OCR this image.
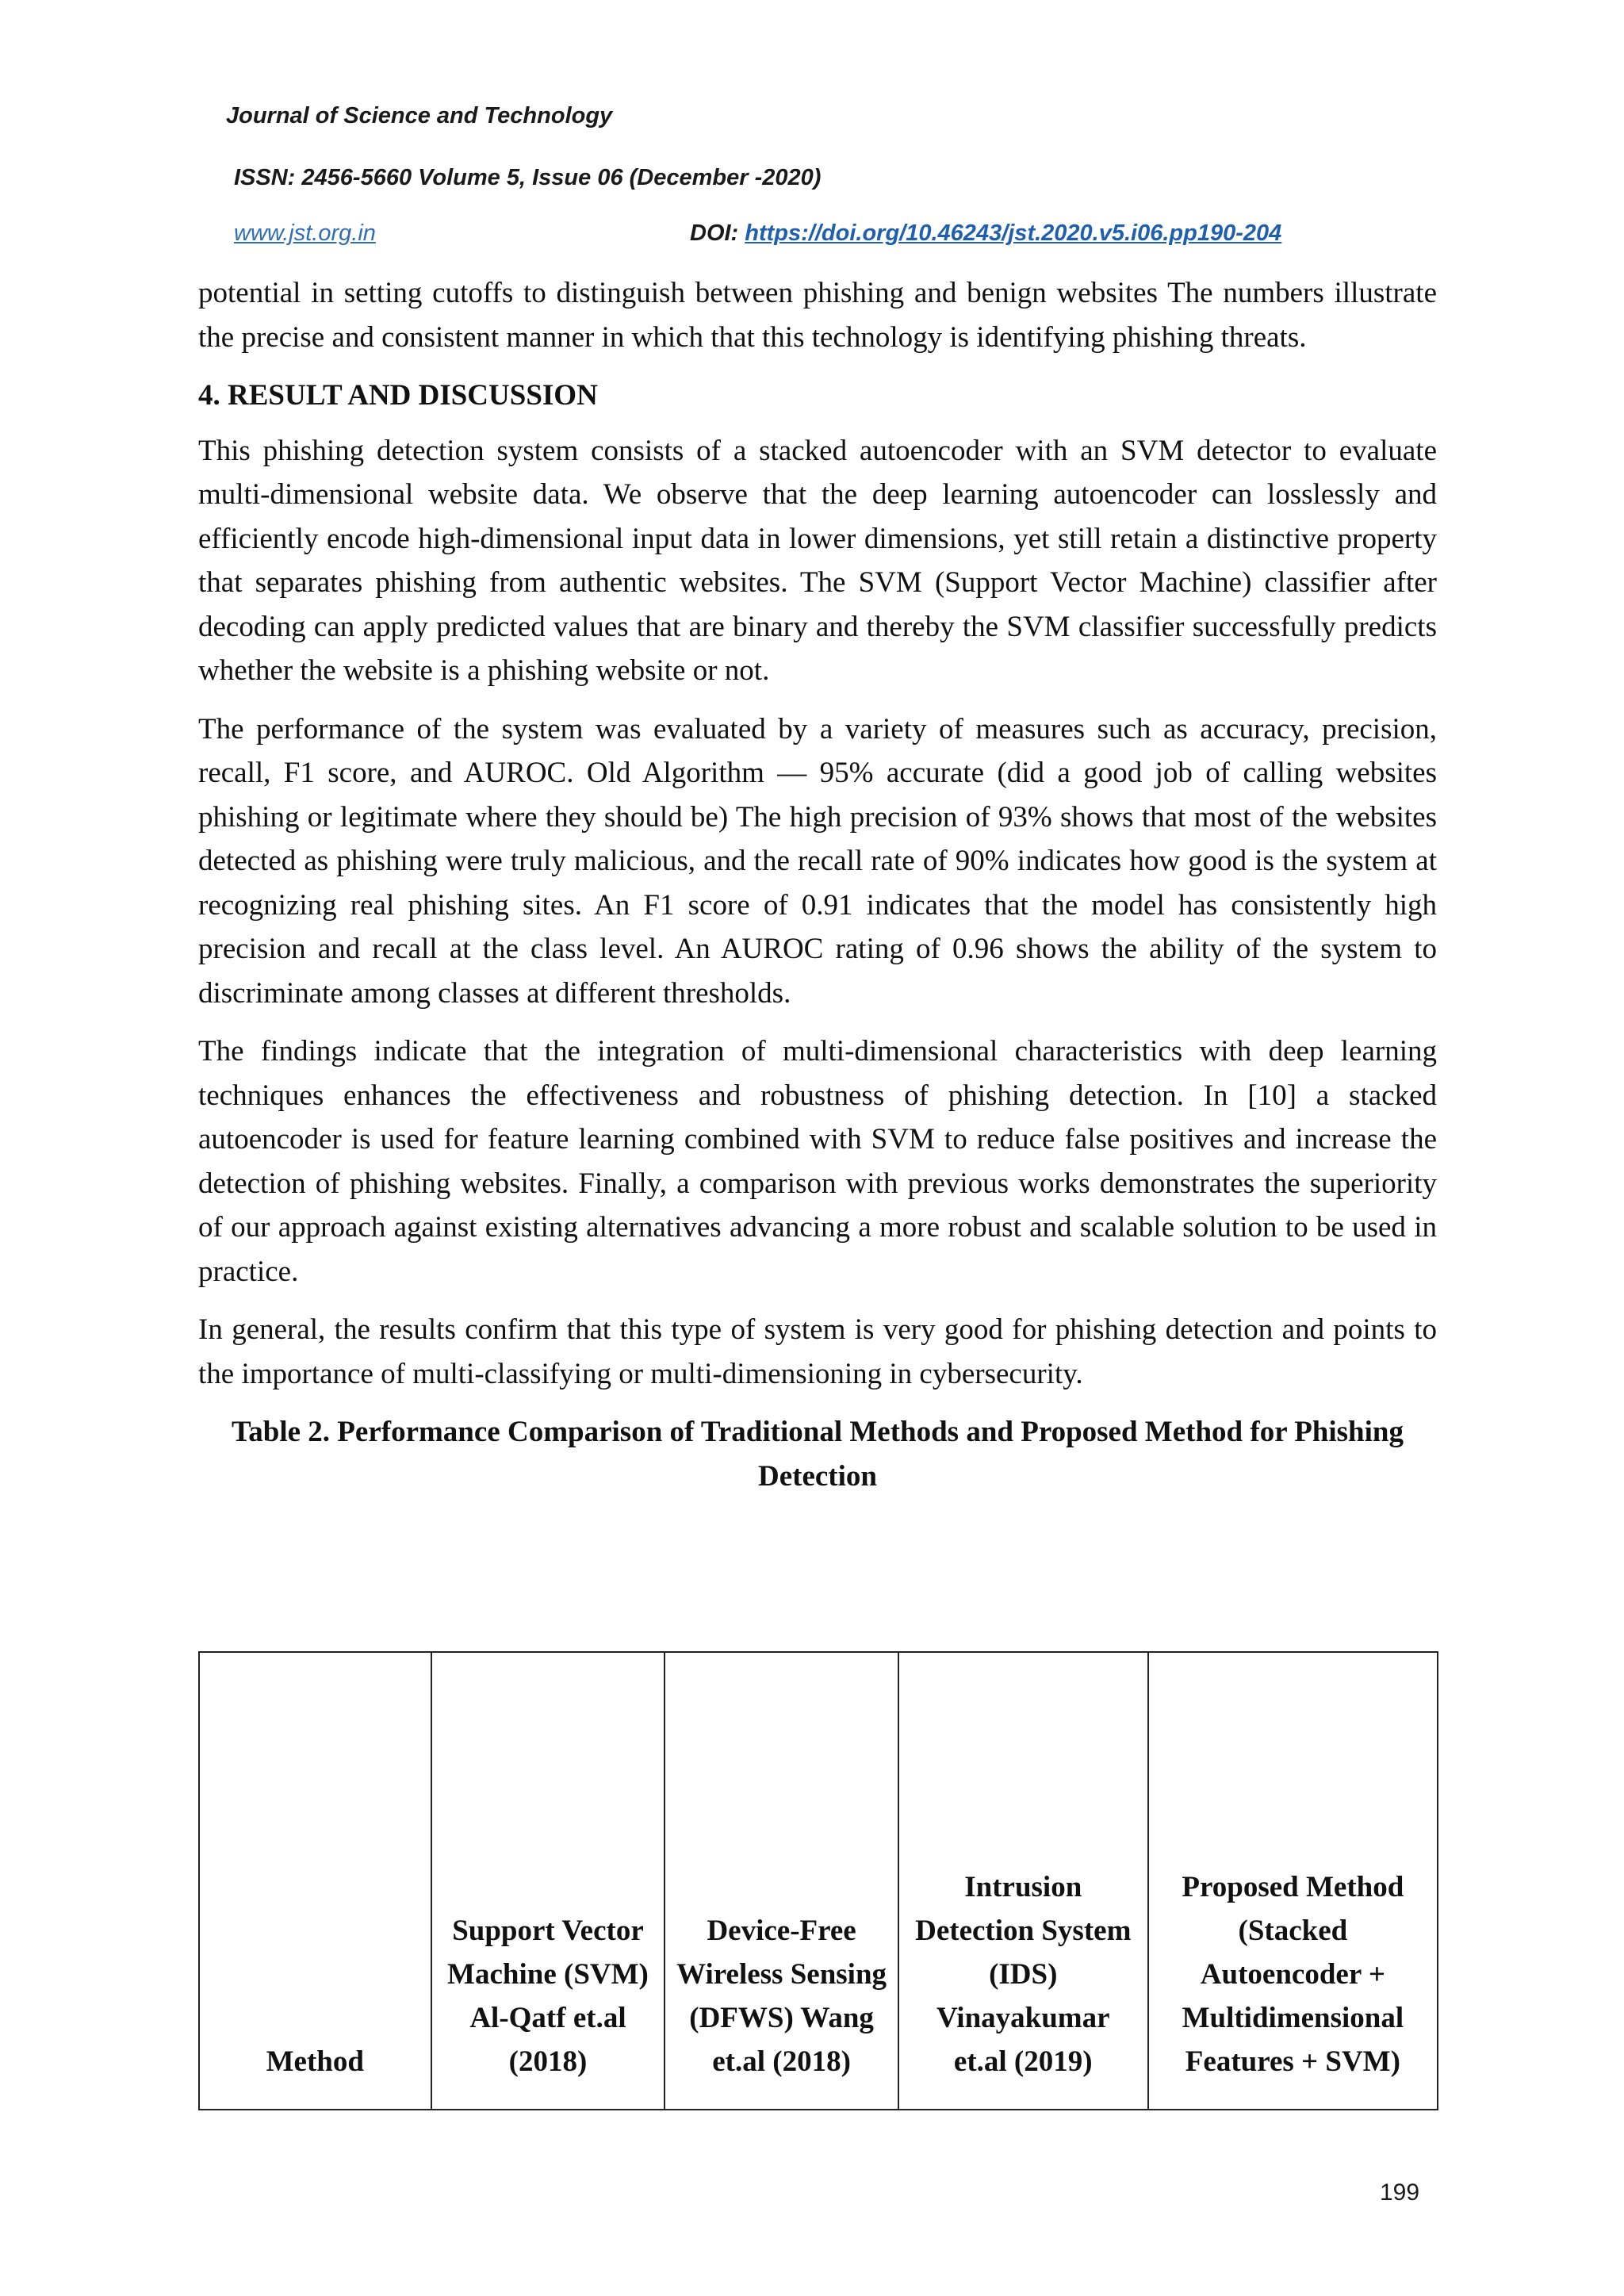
Journal of Science and Technology
ISSN: 2456-5660 Volume 5, Issue 06 (December -2020)
www.jst.org.in	DOI: https://doi.org/10.46243/jst.2020.v5.i06.pp190-204

potential in setting cutoffs to distinguish between phishing and benign websites The numbers illustrate the precise and consistent manner in which that this technology is identifying phishing threats.

4. RESULT AND DISCUSSION

This phishing detection system consists of a stacked autoencoder with an SVM detector to evaluate multi-dimensional website data. We observe that the deep learning autoencoder can losslessly and efficiently encode high-dimensional input data in lower dimensions, yet still retain a distinctive property that separates phishing from authentic websites. The SVM (Support Vector Machine) classifier after decoding can apply predicted values that are binary and thereby the SVM classifier successfully predicts whether the website is a phishing website or not.

The performance of the system was evaluated by a variety of measures such as accuracy, precision, recall, F1 score, and AUROC. Old Algorithm — 95% accurate (did a good job of calling websites phishing or legitimate where they should be) The high precision of 93% shows that most of the websites detected as phishing were truly malicious, and the recall rate of 90% indicates how good is the system at recognizing real phishing sites. An F1 score of 0.91 indicates that the model has consistently high precision and recall at the class level. An AUROC rating of 0.96 shows the ability of the system to discriminate among classes at different thresholds.

The findings indicate that the integration of multi-dimensional characteristics with deep learning techniques enhances the effectiveness and robustness of phishing detection. In [10] a stacked autoencoder is used for feature learning combined with SVM to reduce false positives and increase the detection of phishing websites. Finally, a comparison with previous works demonstrates the superiority of our approach against existing alternatives advancing a more robust and scalable solution to be used in practice.

In general, the results confirm that this type of system is very good for phishing detection and points to the importance of multi-classifying or multi-dimensioning in cybersecurity.

Table 2. Performance Comparison of Traditional Methods and Proposed Method for Phishing Detection
Method	Support Vector Machine (SVM) Al-Qatf et.al (2018)	Device-Free Wireless Sensing (DFWS) Wang et.al (2018)	Intrusion Detection System (IDS) Vinayakumar et.al (2019)	Proposed Method (Stacked Autoencoder + Multidimensional Features + SVM)
199
